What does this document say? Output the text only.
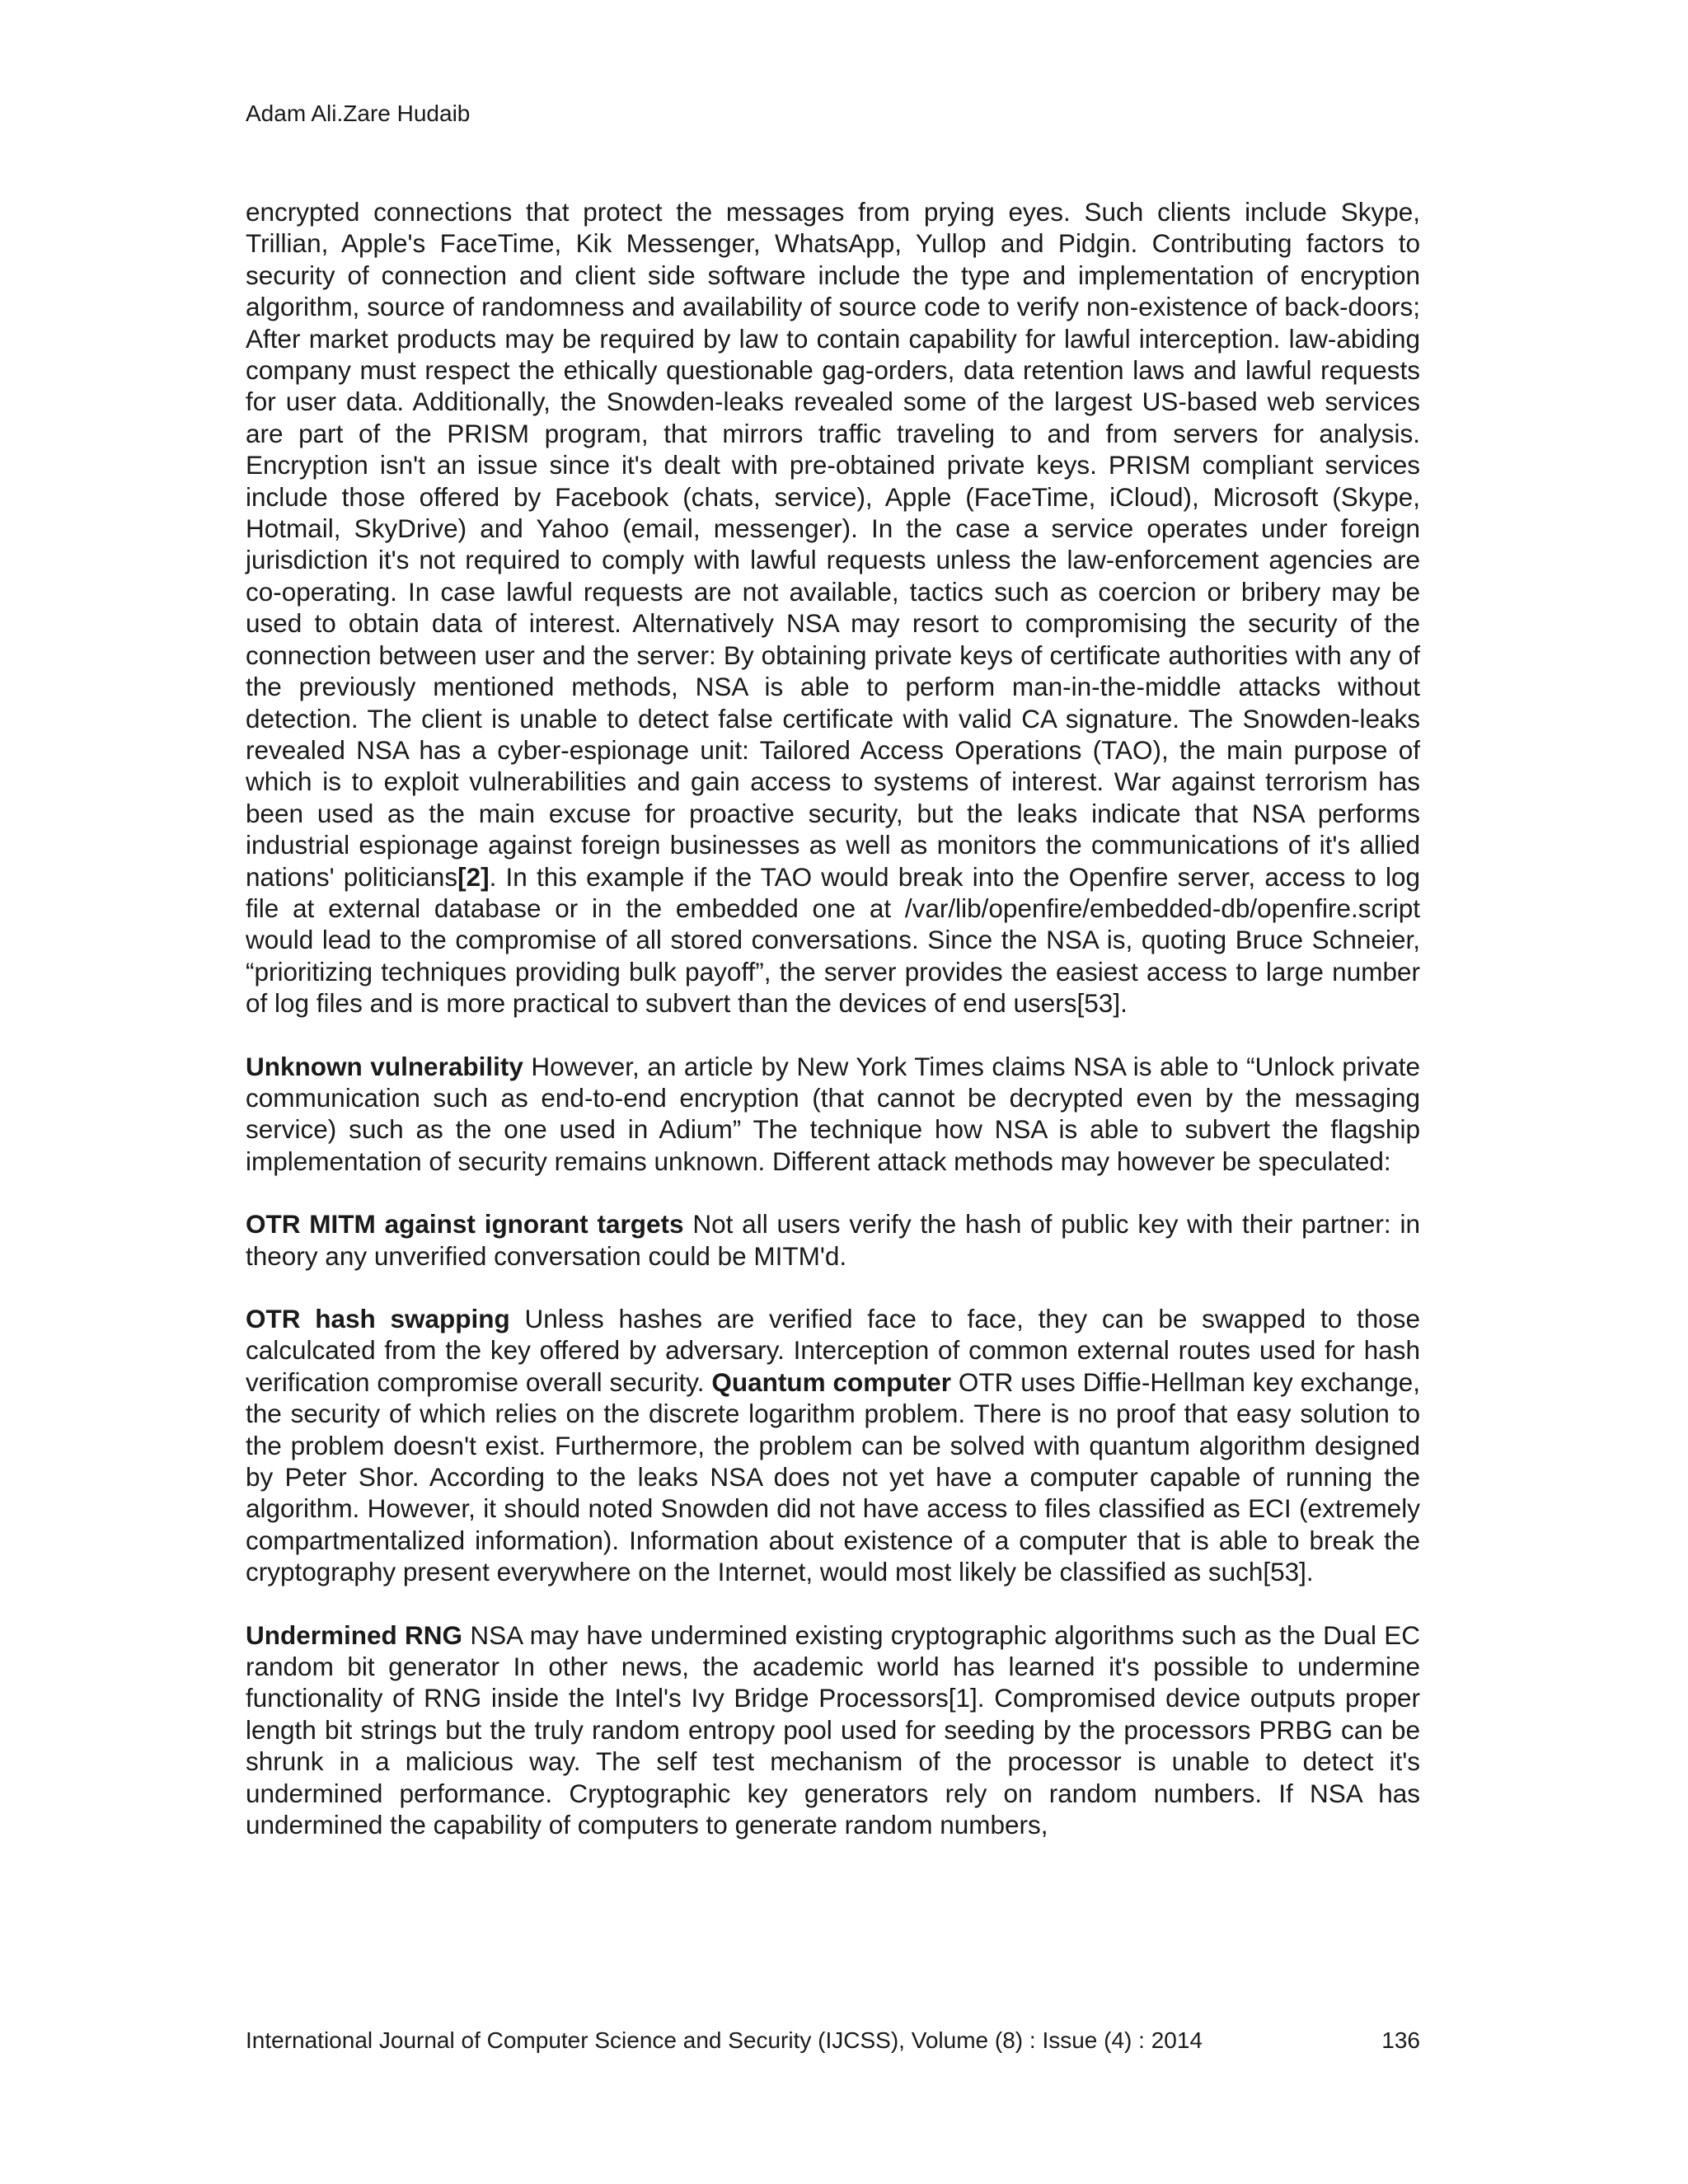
Adam Ali.Zare Hudaib

encrypted connections that protect the messages from prying eyes. Such clients include Skype, Trillian, Apple's FaceTime, Kik Messenger, WhatsApp, Yullop and Pidgin. Contributing factors to security of connection and client side software include the type and implementation of encryption algorithm, source of randomness and availability of source code to verify non-existence of back-doors; After market products may be required by law to contain capability for lawful interception. law-abiding company must respect the ethically questionable gag-orders, data retention laws and lawful requests for user data. Additionally, the Snowden-leaks revealed some of the largest US-based web services are part of the PRISM program, that mirrors traffic traveling to and from servers for analysis. Encryption isn't an issue since it's dealt with pre-obtained private keys. PRISM compliant services include those offered by Facebook (chats, service), Apple (FaceTime, iCloud), Microsoft (Skype, Hotmail, SkyDrive) and Yahoo (email, messenger). In the case a service operates under foreign jurisdiction it's not required to comply with lawful requests unless the law-enforcement agencies are co-operating. In case lawful requests are not available, tactics such as coercion or bribery may be used to obtain data of interest. Alternatively NSA may resort to compromising the security of the connection between user and the server: By obtaining private keys of certificate authorities with any of the previously mentioned methods, NSA is able to perform man-in-the-middle attacks without detection. The client is unable to detect false certificate with valid CA signature. The Snowden-leaks revealed NSA has a cyber-espionage unit: Tailored Access Operations (TAO), the main purpose of which is to exploit vulnerabilities and gain access to systems of interest. War against terrorism has been used as the main excuse for proactive security, but the leaks indicate that NSA performs industrial espionage against foreign businesses as well as monitors the communications of it's allied nations' politicians[2]. In this example if the TAO would break into the Openfire server, access to log file at external database or in the embedded one at /var/lib/openfire/embedded-db/openfire.script would lead to the compromise of all stored conversations. Since the NSA is, quoting Bruce Schneier, “prioritizing techniques providing bulk payoff”, the server provides the easiest access to large number of log files and is more practical to subvert than the devices of end users[53].

Unknown vulnerability However, an article by New York Times claims NSA is able to “Unlock private communication such as end-to-end encryption (that cannot be decrypted even by the messaging service) such as the one used in Adium” The technique how NSA is able to subvert the flagship implementation of security remains unknown. Different attack methods may however be speculated:

OTR MITM against ignorant targets Not all users verify the hash of public key with their partner: in theory any unverified conversation could be MITM'd.

OTR hash swapping Unless hashes are verified face to face, they can be swapped to those calculcated from the key offered by adversary. Interception of common external routes used for hash verification compromise overall security. Quantum computer OTR uses Diffie-Hellman key exchange, the security of which relies on the discrete logarithm problem. There is no proof that easy solution to the problem doesn't exist. Furthermore, the problem can be solved with quantum algorithm designed by Peter Shor. According to the leaks NSA does not yet have a computer capable of running the algorithm. However, it should noted Snowden did not have access to files classified as ECI (extremely compartmentalized information). Information about existence of a computer that is able to break the cryptography present everywhere on the Internet, would most likely be classified as such[53].

Undermined RNG NSA may have undermined existing cryptographic algorithms such as the Dual EC random bit generator In other news, the academic world has learned it's possible to undermine functionality of RNG inside the Intel's Ivy Bridge Processors[1]. Compromised device outputs proper length bit strings but the truly random entropy pool used for seeding by the processors PRBG can be shrunk in a malicious way. The self test mechanism of the processor is unable to detect it's undermined performance. Cryptographic key generators rely on random numbers. If NSA has undermined the capability of computers to generate random numbers,

International Journal of Computer Science and Security (IJCSS), Volume (8) : Issue (4) : 2014	136
